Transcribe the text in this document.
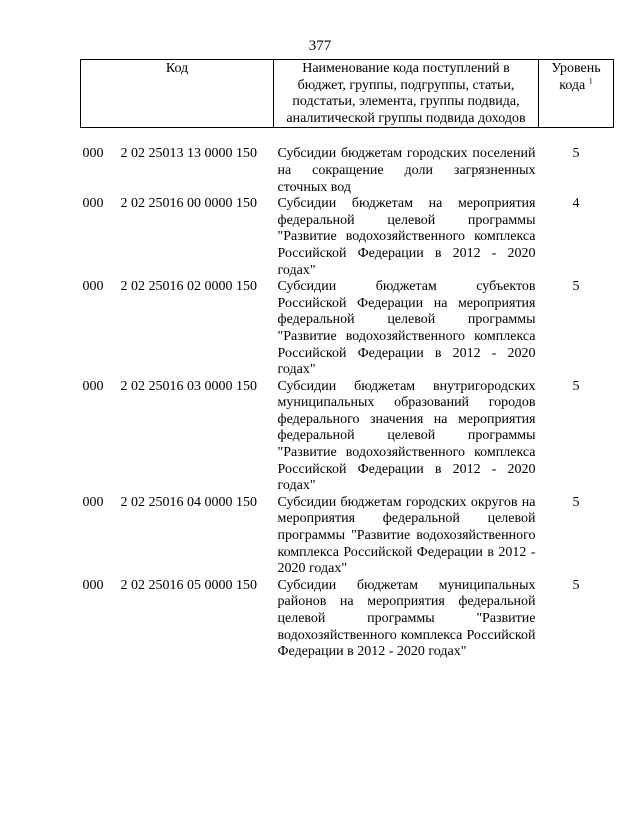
377
Код	Наименование кода поступлений в бюджет, группы, подгруппы, статьи, подстатьи, элемента, группы подвида, аналитической группы подвида доходов	Уровень кода $^1$

000 2 02 25013 13 0000 150	Субсидии бюджетам городских поселений на сокращение доли загрязненных сточных вод	5
000 2 02 25016 00 0000 150	Субсидии бюджетам на мероприятия федеральной целевой программы "Развитие водохозяйственного комплекса Российской Федерации в 2012 - 2020 годах"	4
000 2 02 25016 02 0000 150	Субсидии бюджетам субъектов Российской Федерации на мероприятия федеральной целевой программы "Развитие водохозяйственного комплекса Российской Федерации в 2012 - 2020 годах"	5
000 2 02 25016 03 0000 150	Субсидии бюджетам внутригородских муниципальных образований городов федерального значения на мероприятия федеральной целевой программы "Развитие водохозяйственного комплекса Российской Федерации в 2012 - 2020 годах"	5
000 2 02 25016 04 0000 150	Субсидии бюджетам городских округов на мероприятия федеральной целевой программы "Развитие водохозяйственного комплекса Российской Федерации в 2012 - 2020 годах"	5
000 2 02 25016 05 0000 150	Субсидии бюджетам муниципальных районов на мероприятия федеральной целевой программы "Развитие водохозяйственного комплекса Российской Федерации в 2012 - 2020 годах"	5
